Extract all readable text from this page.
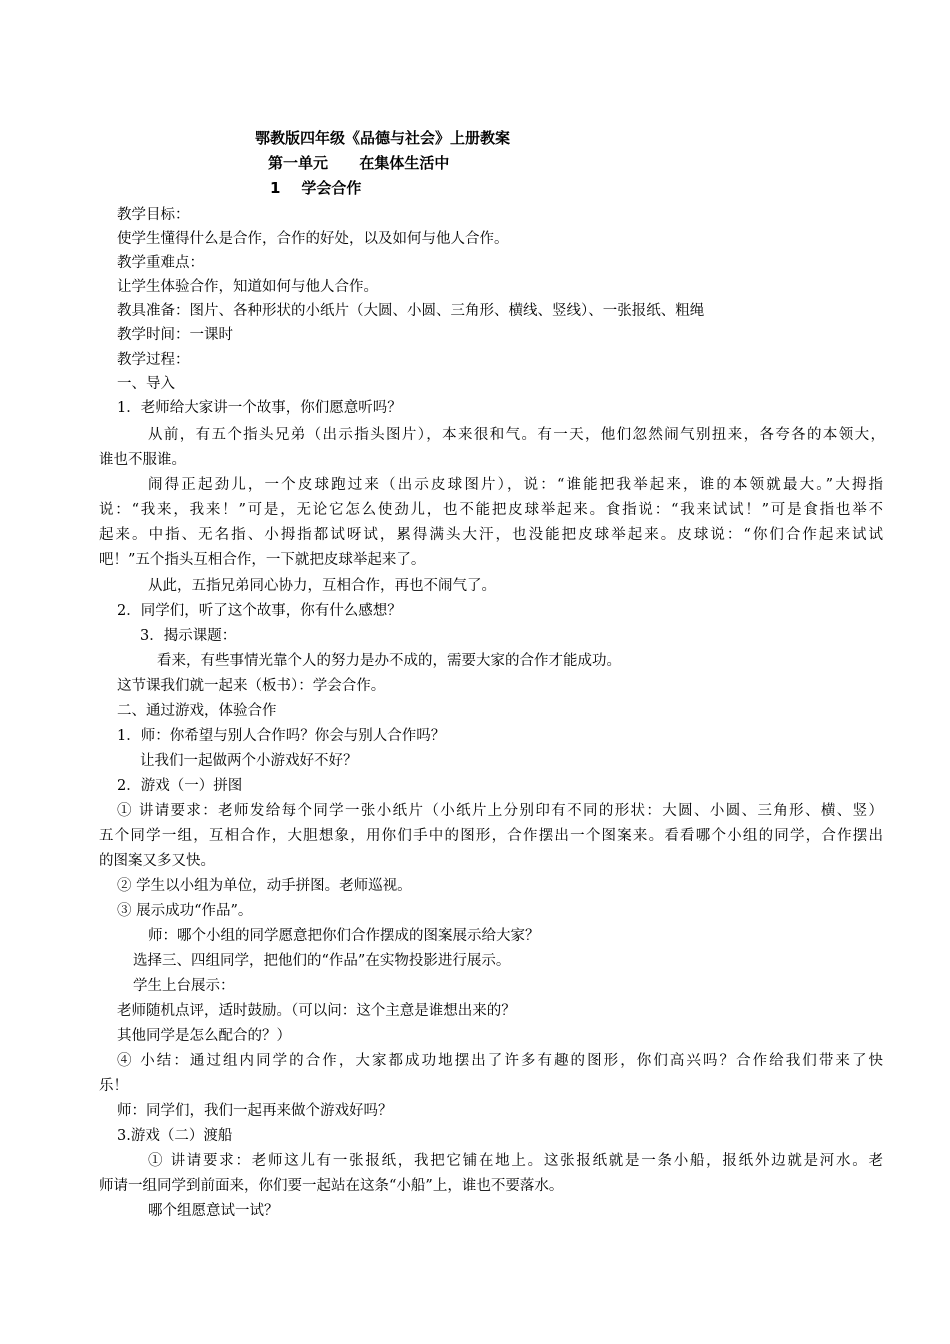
鄂教版四年级《品德与社会》上册教案
第一单元      在集体生活中
1    学会合作
教学目标：
使学生懂得什么是合作，合作的好处，以及如何与他人合作。
教学重难点：
让学生体验合作，知道如何与他人合作。
教具准备：图片、各种形状的小纸片（大圆、小圆、三角形、横线、竖线）、一张报纸、粗绳
教学时间：一课时
教学过程：
一、导入
1．老师给大家讲一个故事，你们愿意听吗？
从前，有五个指头兄弟（出示指头图片），本来很和气。有一天，他们忽然闹气别扭来，各夸各的本领大，
谁也不服谁。
闹得正起劲儿，一个皮球跑过来（出示皮球图片），说：“谁能把我举起来，谁的本领就最大。”大拇指
说：“我来，我来！”可是，无论它怎么使劲儿，也不能把皮球举起来。食指说：“我来试试！”可是食指也举不
起来。中指、无名指、小拇指都试呀试，累得满头大汗，也没能把皮球举起来。皮球说：“你们合作起来试试
吧！”五个指头互相合作，一下就把皮球举起来了。
从此，五指兄弟同心协力，互相合作，再也不闹气了。
2．同学们，听了这个故事，你有什么感想？
3．揭示课题：
看来，有些事情光靠个人的努力是办不成的，需要大家的合作才能成功。
这节课我们就一起来（板书）：学会合作。
二、通过游戏，体验合作
1．师：你希望与别人合作吗？你会与别人合作吗？
让我们一起做两个小游戏好不好？
2．游戏（一）拼图
① 讲请要求：老师发给每个同学一张小纸片（小纸片上分别印有不同的形状：大圆、小圆、三角形、横、竖）
五个同学一组，互相合作，大胆想象，用你们手中的图形，合作摆出一个图案来。看看哪个小组的同学，合作摆出
的图案又多又快。
② 学生以小组为单位，动手拼图。老师巡视。
③ 展示成功“作品”。
师：哪个小组的同学愿意把你们合作摆成的图案展示给大家？
选择三、四组同学，把他们的“作品”在实物投影进行展示。
学生上台展示：
老师随机点评，适时鼓励。（可以问：这个主意是谁想出来的？
其他同学是怎么配合的？）
④ 小结：通过组内同学的合作，大家都成功地摆出了许多有趣的图形，你们高兴吗？合作给我们带来了快
乐！
师：同学们，我们一起再来做个游戏好吗？
3.游戏（二）渡船
① 讲请要求：老师这儿有一张报纸，我把它铺在地上。这张报纸就是一条小船，报纸外边就是河水。老
师请一组同学到前面来，你们要一起站在这条“小船”上，谁也不要落水。
哪个组愿意试一试？
